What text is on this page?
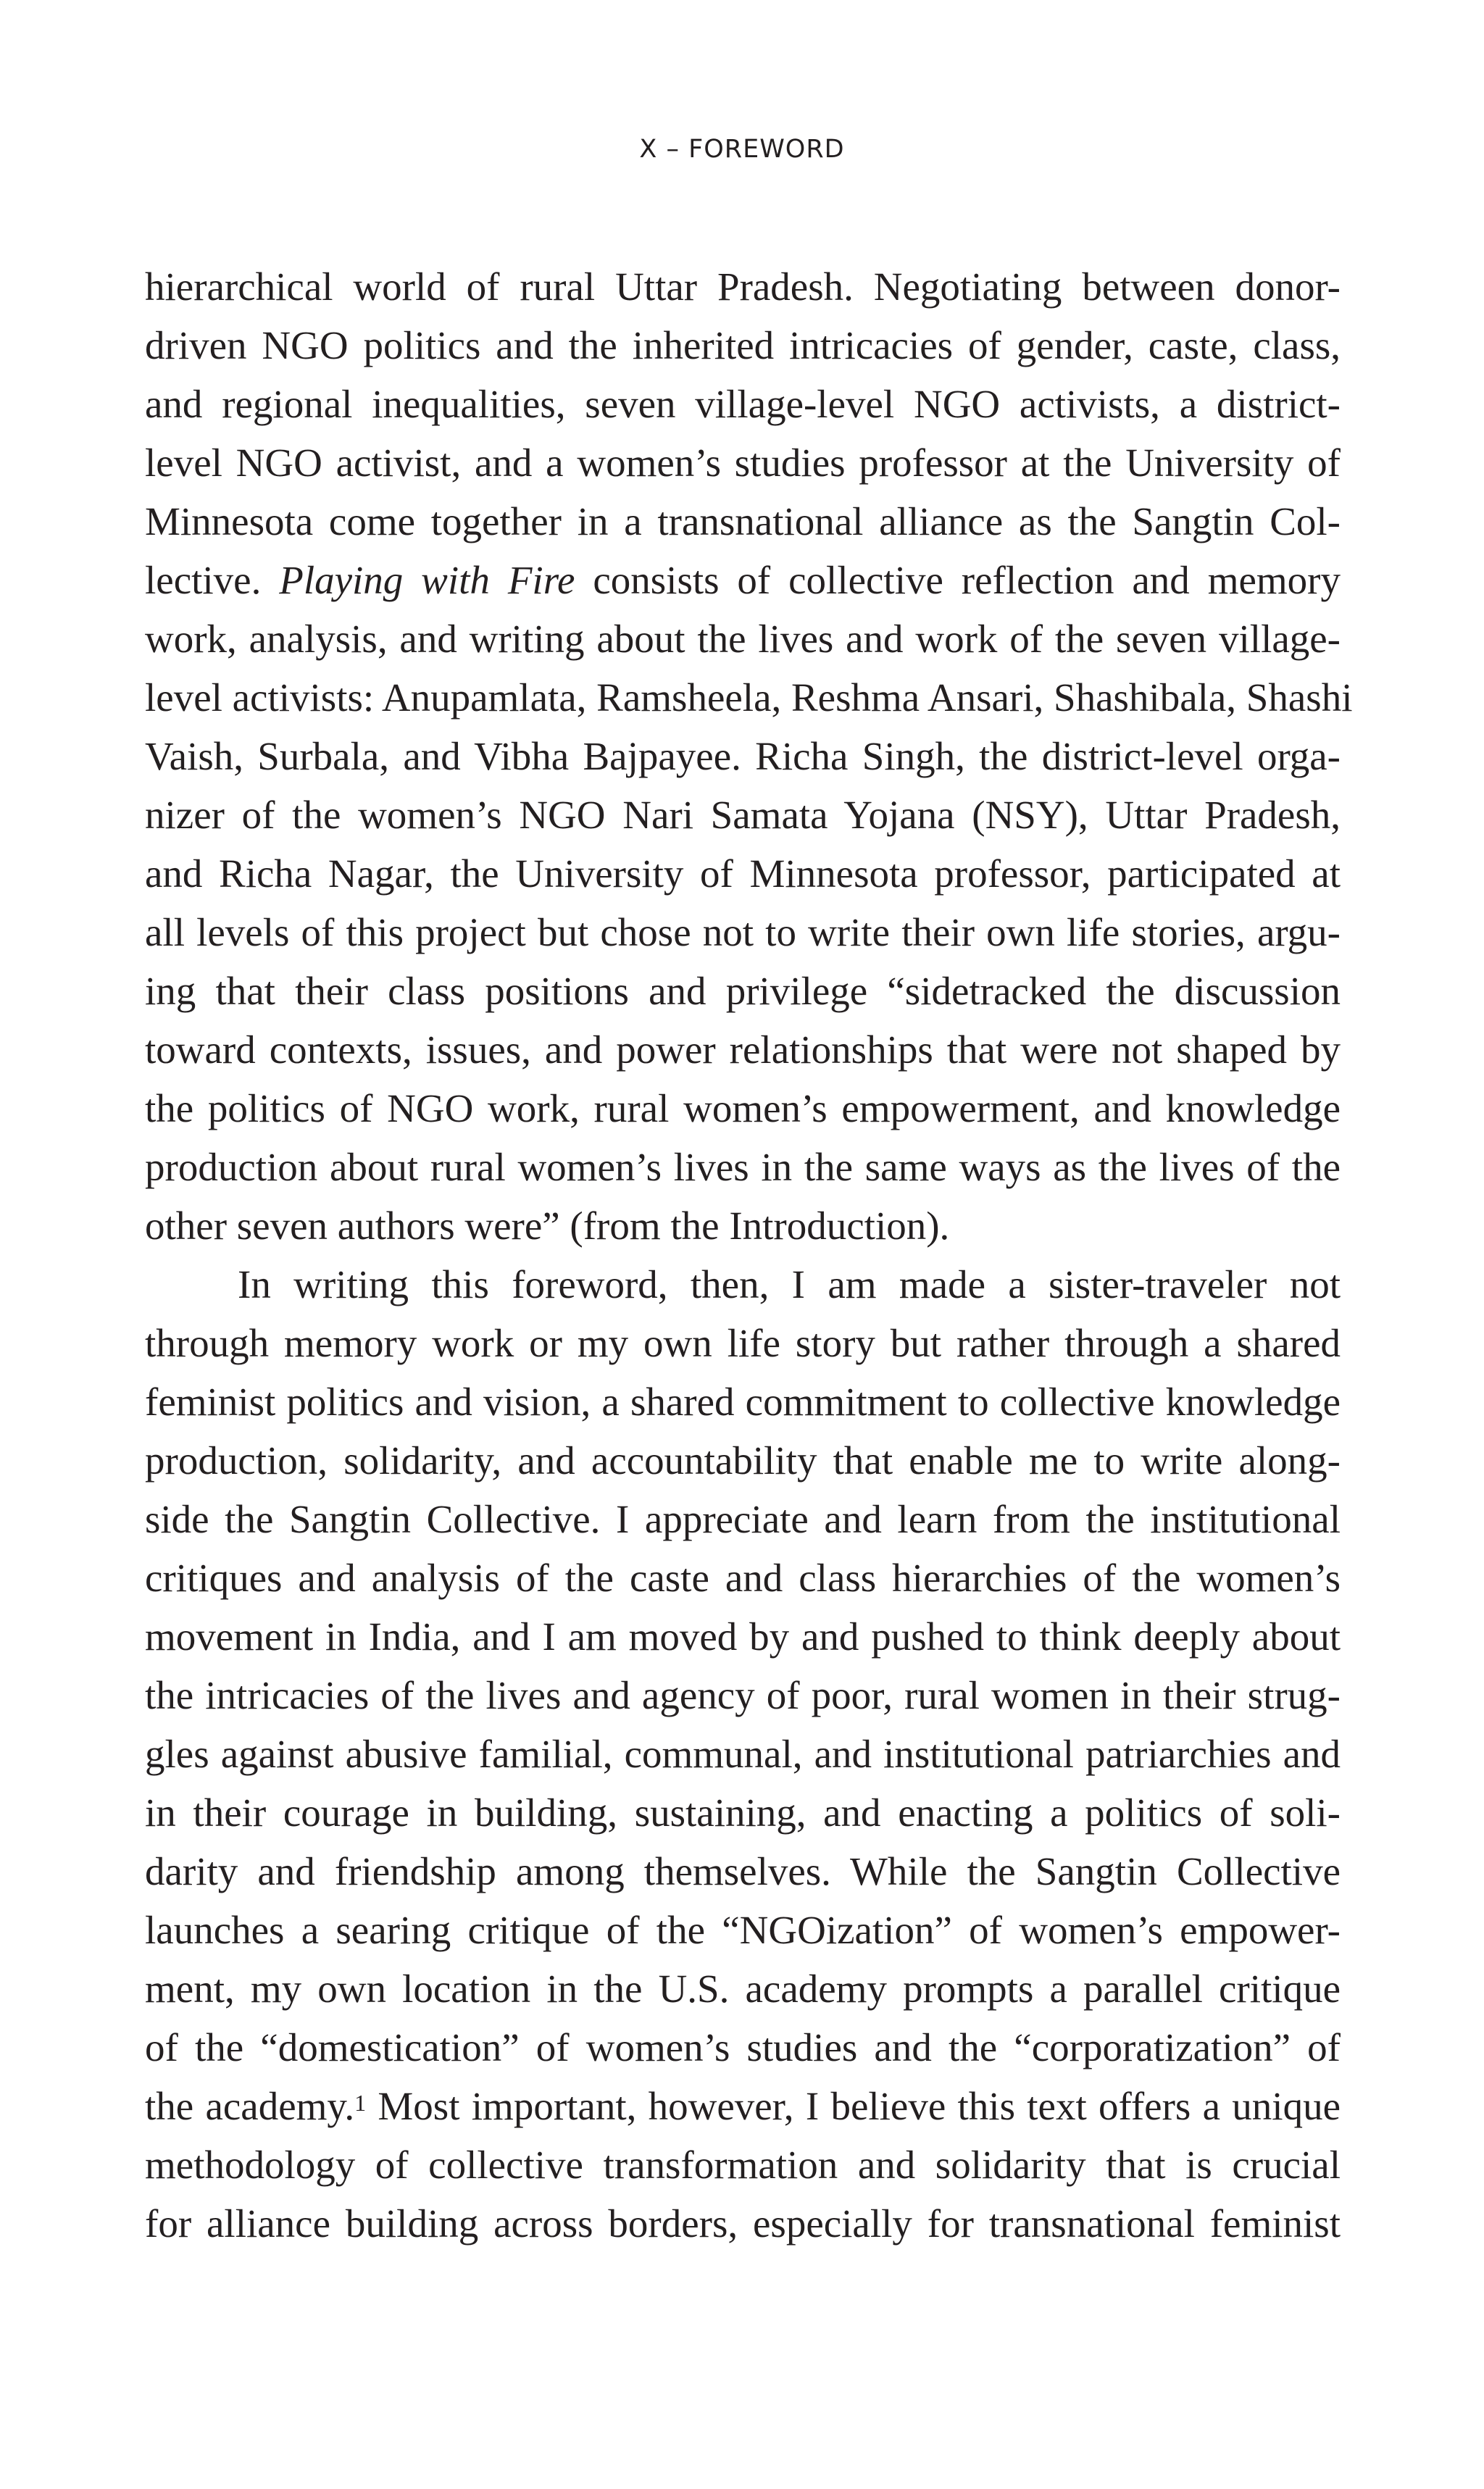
X – FOREWORD
hierarchical world of rural Uttar Pradesh. Negotiating between donor-
driven NGO politics and the inherited intricacies of gender, caste, class,
and regional inequalities, seven village-level NGO activists, a district-
level NGO activist, and a women’s studies professor at the University of
Minnesota come together in a transnational alliance as the Sangtin Col-
lective. Playing with Fire consists of collective reflection and memory
work, analysis, and writing about the lives and work of the seven village-
level activists: Anupamlata, Ramsheela, Reshma Ansari, Shashibala, Shashi
Vaish, Surbala, and Vibha Bajpayee. Richa Singh, the district-level orga-
nizer of the women’s NGO Nari Samata Yojana (NSY), Uttar Pradesh,
and Richa Nagar, the University of Minnesota professor, participated at
all levels of this project but chose not to write their own life stories, argu-
ing that their class positions and privilege “sidetracked the discussion
toward contexts, issues, and power relationships that were not shaped by
the politics of NGO work, rural women’s empowerment, and knowledge
production about rural women’s lives in the same ways as the lives of the
other seven authors were” (from the Introduction).
In writing this foreword, then, I am made a sister-traveler not
through memory work or my own life story but rather through a shared
feminist politics and vision, a shared commitment to collective knowledge
production, solidarity, and accountability that enable me to write along-
side the Sangtin Collective. I appreciate and learn from the institutional
critiques and analysis of the caste and class hierarchies of the women’s
movement in India, and I am moved by and pushed to think deeply about
the intricacies of the lives and agency of poor, rural women in their strug-
gles against abusive familial, communal, and institutional patriarchies and
in their courage in building, sustaining, and enacting a politics of soli-
darity and friendship among themselves. While the Sangtin Collective
launches a searing critique of the “NGOization” of women’s empower-
ment, my own location in the U.S. academy prompts a parallel critique
of the “domestication” of women’s studies and the “corporatization” of
the academy.$^1$ Most important, however, I believe this text offers a unique
methodology of collective transformation and solidarity that is crucial
for alliance building across borders, especially for transnational feminist
